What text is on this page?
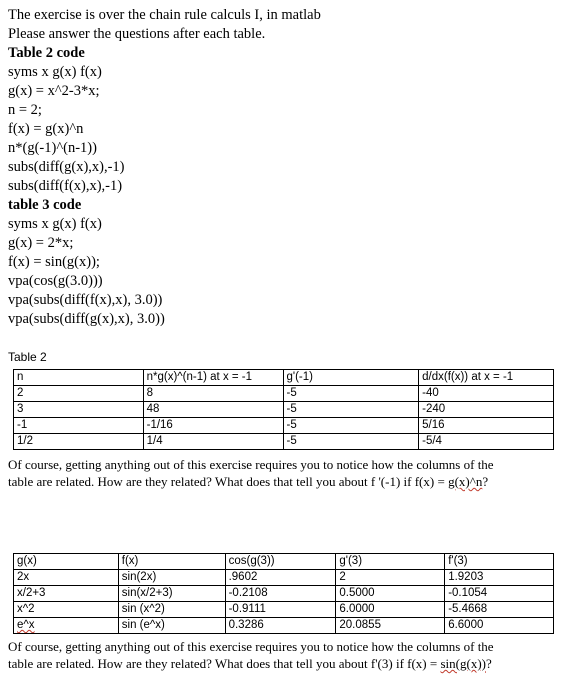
The exercise is over the chain rule calculs I, in matlab
Please answer the questions after each table.
Table 2 code
syms x g(x) f(x)
g(x) = x^2-3*x;
n = 2;
f(x) = g(x)^n
n*(g(-1)^(n-1))
subs(diff(g(x),x),-1)
subs(diff(f(x),x),-1)
table 3 code
syms x g(x) f(x)
g(x) = 2*x;
f(x) = sin(g(x));
vpa(cos(g(3.0)))
vpa(subs(diff(f(x),x), 3.0))
vpa(subs(diff(g(x),x), 3.0))
Table 2
n	n*g(x)^(n-1) at x = -1	g'(-1)	d/dx(f(x)) at x = -1
2	8	-5	-40
3	48	-5	-240
-1	-1/16	-5	5/16
1/2	1/4	-5	-5/4
Of course, getting anything out of this exercise requires you to notice how the columns of the
table are related. How are they related? What does that tell you about f '(-1) if f(x) = g(x)^n?
g(x)	f(x)	cos(g(3))	g'(3)	f'(3)
2x	sin(2x)	.9602	2	1.9203
x/2+3	sin(x/2+3)	-0.2108	0.5000	-0.1054
x^2	sin (x^2)	-0.9111	6.0000	-5.4668
e^x	sin (e^x)	0.3286	20.0855	6.6000
Of course, getting anything out of this exercise requires you to notice how the columns of the
table are related. How are they related? What does that tell you about f'(3) if f(x) = sin(g(x))?
